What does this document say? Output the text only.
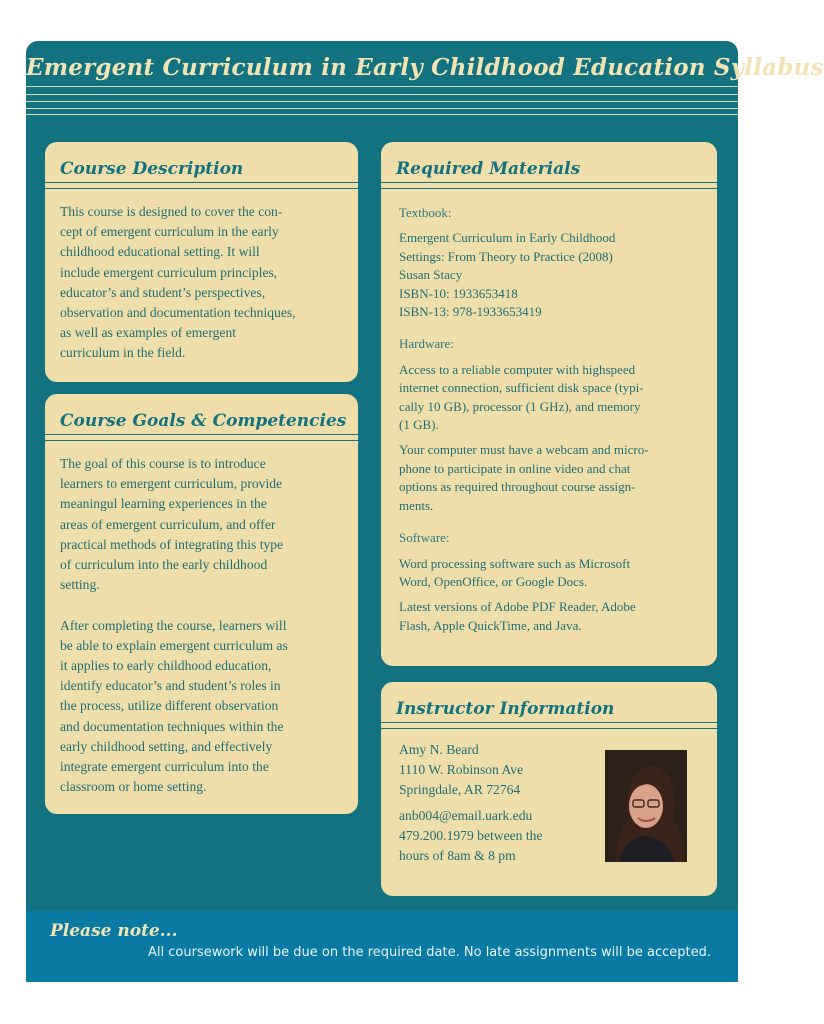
Emergent Curriculum in Early Childhood Education Syllabus
Course Description

This course is designed to cover the con-

cept of emergent curriculum in the early

childhood educational setting. It will

include emergent curriculum principles,

educator’s and student’s perspectives,

observation and documentation techniques,

as well as examples of emergent

curriculum in the field.

Course Goals & Competencies

The goal of this course is to introduce

learners to emergent curriculum, provide

meaningul learning experiences in the

areas of emergent curriculum, and offer

practical methods of integrating this type

of curriculum into the early childhood

setting.

After completing the course, learners will

be able to explain emergent curriculum as

it applies to early childhood education,

identify educator’s and student’s roles in

the process, utilize different observation

and documentation techniques within the

early childhood setting, and effectively

integrate emergent curriculum into the

classroom or home setting.

Required Materials

Textbook:

Emergent Curriculum in Early Childhood

Settings: From Theory to Practice (2008)

Susan Stacy

ISBN-10: 1933653418

ISBN-13: 978-1933653419

Hardware:

Access to a reliable computer with highspeed

internet connection, sufficient disk space (typi-

cally 10 GB), processor (1 GHz), and memory

(1 GB).

Your computer must have a webcam and micro-

phone to participate in online video and chat

options as required throughout course assign-

ments.

Software:

Word processing software such as Microsoft

Word, OpenOffice, or Google Docs.

Latest versions of Adobe PDF Reader, Adobe

Flash, Apple QuickTime, and Java.

Instructor Information

Amy N. Beard

1110 W. Robinson Ave

Springdale, AR 72764

anb004@email.uark.edu

479.200.1979 between the

hours of 8am & 8 pm

Please note...
All coursework will be due on the required date. No late assignments will be accepted.
